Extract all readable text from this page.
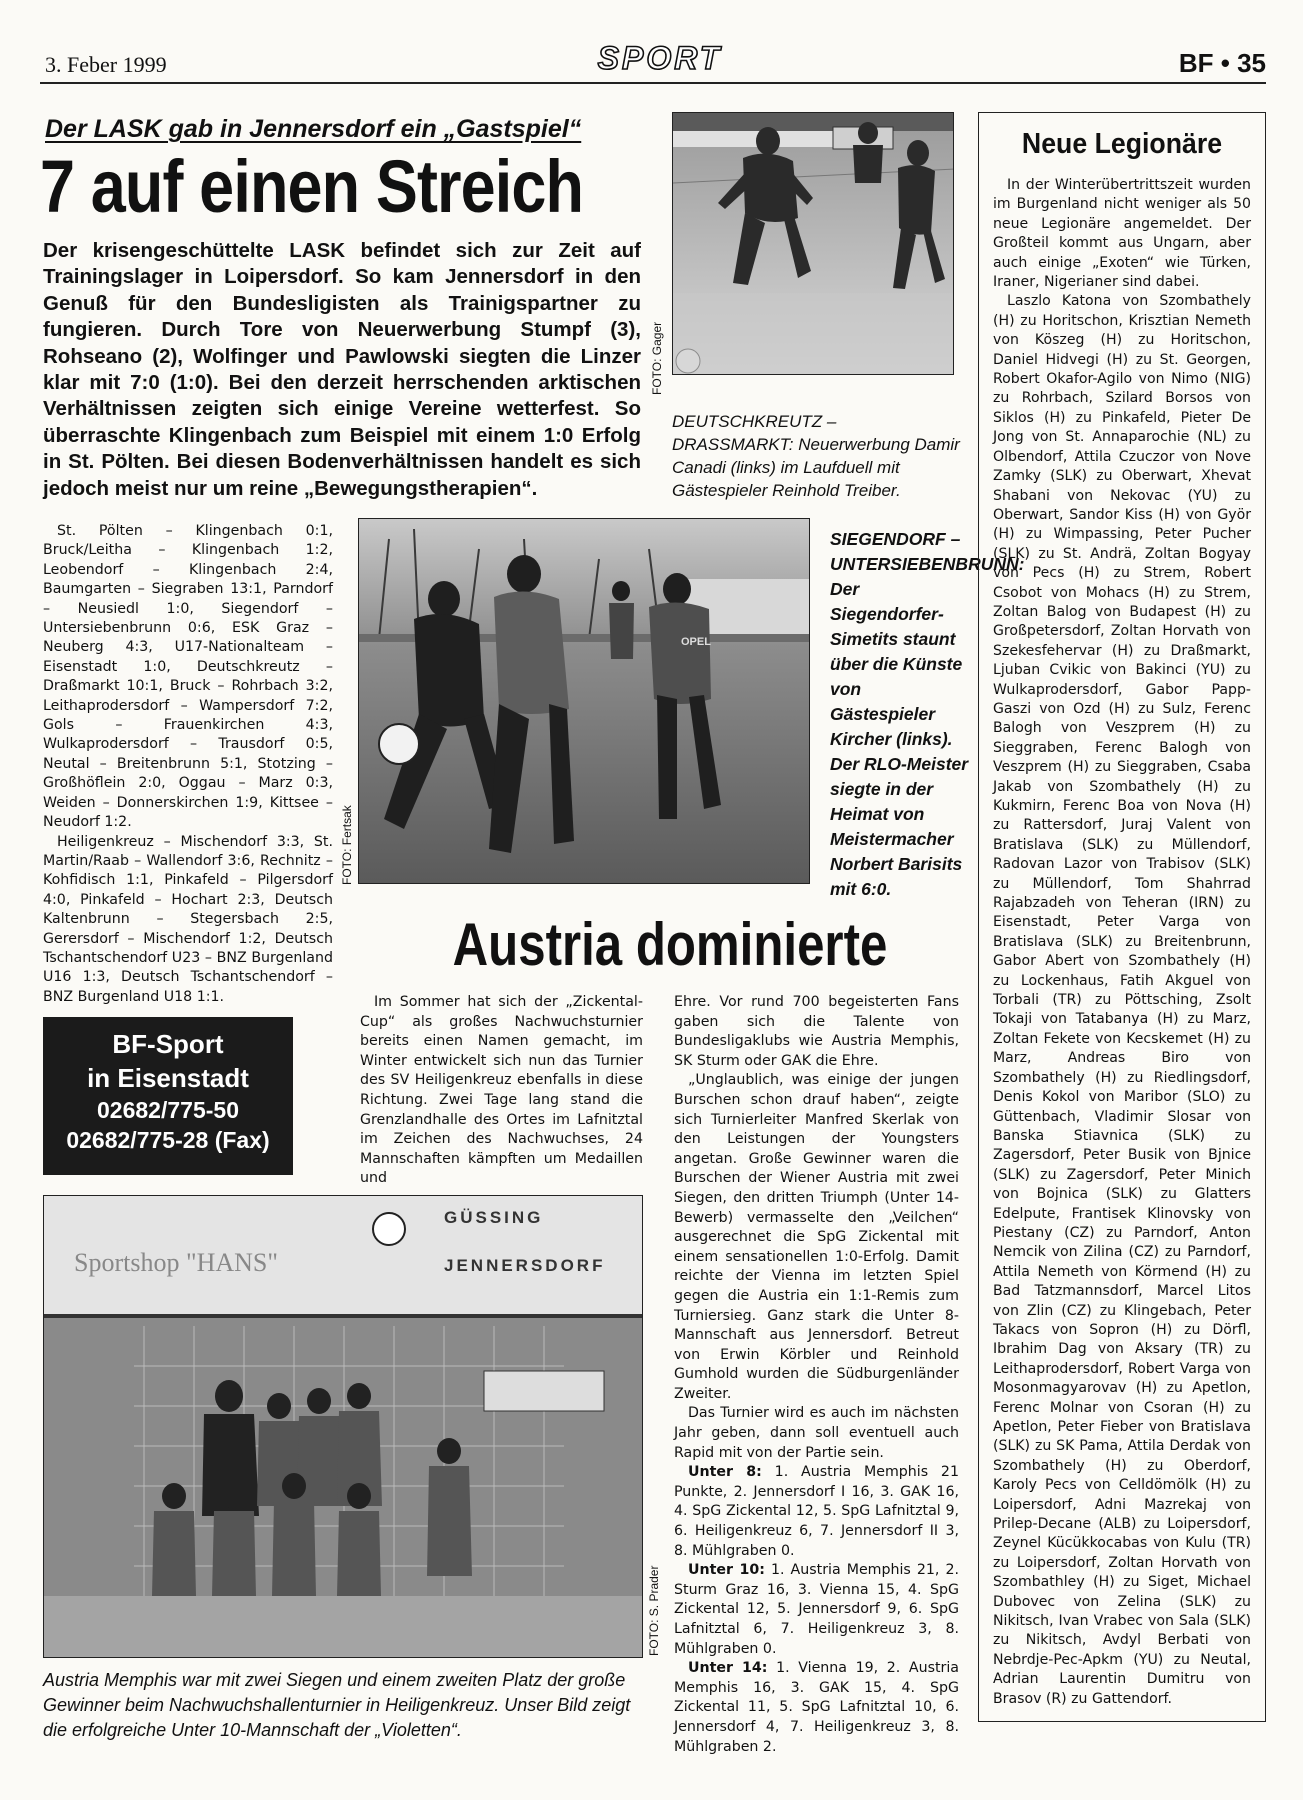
3. Feber 1999	SPORT	BF • 35
Der LASK gab in Jennersdorf ein „Gastspiel“
7 auf einen Streich
Der krisengeschüttelte LASK befindet sich zur Zeit auf Trainingslager in Loipersdorf. So kam Jennersdorf in den Genuß für den Bundesligisten als Trainigspartner zu fungieren. Durch Tore von Neuerwerbung Stumpf (3), Rohseano (2), Wolfinger und Pawlowski siegten die Linzer klar mit 7:0 (1:0). Bei den derzeit herrschenden arktischen Verhältnissen zeigten sich einige Vereine wetterfest. So überraschte Klingenbach zum Beispiel mit einem 1:0 Erfolg in St. Pölten. Bei diesen Bodenverhältnissen handelt es sich jedoch meist nur um reine „Bewegungstherapien“.

St. Pölten – Klingenbach 0:1, Bruck/Leitha – Klingenbach 1:2, Leobendorf – Klingenbach 2:4, Baumgarten – Siegraben 13:1, Parndorf – Neusiedl 1:0, Siegendorf – Untersiebenbrunn 0:6, ESK Graz – Neuberg 4:3, U17-Nationalteam – Eisenstadt 1:0, Deutschkreutz – Draßmarkt 10:1, Bruck – Rohrbach 3:2, Leithaprodersdorf – Wampersdorf 7:2, Gols – Frauenkirchen 4:3, Wulkaprodersdorf – Trausdorf 0:5, Neutal – Breitenbrunn 5:1, Stotzing – Großhöflein 2:0, Oggau – Marz 0:3, Weiden – Donnerskirchen 1:9, Kittsee – Neudorf 1:2.

Heiligenkreuz – Mischendorf 3:3, St. Martin/Raab – Wallendorf 3:6, Rechnitz – Kohfidisch 1:1, Pinkafeld – Pilgersdorf 4:0, Pinkafeld – Hochart 2:3, Deutsch Kaltenbrunn – Stegersbach 2:5, Gerersdorf – Mischendorf 1:2, Deutsch Tschantschendorf U23 – BNZ Burgenland U16 1:3, Deutsch Tschantschendorf – BNZ Burgenland U18 1:1.

BF-Sport
in Eisenstadt
02682/775-50
02682/775-28 (Fax)
FOTO: Gager
DEUTSCHKREUTZ – DRASSMARKT: Neuerwerbung Damir Canadi (links) im Laufduell mit Gästespieler Reinhold Treiber.
OPEL
FOTO: Fertsak
SIEGENDORF – UNTERSIEBENBRUNN: Der Siegendorfer-Simetits staunt über die Künste von Gästespieler Kircher (links). Der RLO-Meister siegte in der Heimat von Meistermacher Norbert Barisits mit 6:0.
Austria dominierte

Im Sommer hat sich der „Zickental-Cup“ als großes Nachwuchsturnier bereits einen Namen gemacht, im Winter entwickelt sich nun das Turnier des SV Heiligenkreuz ebenfalls in diese Richtung. Zwei Tage lang stand die Grenzlandhalle des Ortes im Lafnitztal im Zeichen des Nachwuchses, 24 Mannschaften kämpften um Medaillen und

Ehre. Vor rund 700 begeisterten Fans gaben sich die Talente von Bundesligaklubs wie Austria Memphis, SK Sturm oder GAK die Ehre.

„Unglaublich, was einige der jungen Burschen schon drauf haben“, zeigte sich Turnierleiter Manfred Skerlak von den Leistungen der Youngsters angetan. Große Gewinner waren die Burschen der Wiener Austria mit zwei Siegen, den dritten Triumph (Unter 14-Bewerb) vermasselte den „Veilchen“ ausgerechnet die SpG Zickental mit einem sensationellen 1:0-Erfolg. Damit reichte der Vienna im letzten Spiel gegen die Austria ein 1:1-Remis zum Turniersieg. Ganz stark die Unter 8-Mannschaft aus Jennersdorf. Betreut von Erwin Körbler und Reinhold Gumhold wurden die Südburgenländer Zweiter.

Das Turnier wird es auch im nächsten Jahr geben, dann soll eventuell auch Rapid mit von der Partie sein.

Unter 8: 1. Austria Memphis 21 Punkte, 2. Jennersdorf I 16, 3. GAK 16, 4. SpG Zickental 12, 5. SpG Lafnitztal 9, 6. Heiligenkreuz 6, 7. Jennersdorf II 3, 8. Mühlgraben 0.

Unter 10: 1. Austria Memphis 21, 2. Sturm Graz 16, 3. Vienna 15, 4. SpG Zickental 12, 5. Jennersdorf 9, 6. SpG Lafnitztal 6, 7. Heiligenkreuz 3, 8. Mühlgraben 0.

Unter 14: 1. Vienna 19, 2. Austria Memphis 16, 3. GAK 15, 4. SpG Zickental 11, 5. SpG Lafnitztal 10, 6. Jennersdorf 4, 7. Heiligenkreuz 3, 8. Mühlgraben 2.

Sportshop "HANS"
GÜSSING
JENNERSDORF
FOTO: S. Prader
Austria Memphis war mit zwei Siegen und einem zweiten Platz der große Gewinner beim Nachwuchshallenturnier in Heiligenkreuz. Unser Bild zeigt die erfolgreiche Unter 10-Mannschaft der „Violetten“.
Neue Legionäre

In der Winterübertrittszeit wurden im Burgenland nicht weniger als 50 neue Legionäre angemeldet. Der Großteil kommt aus Ungarn, aber auch einige „Exoten“ wie Türken, Iraner, Nigerianer sind dabei.

Laszlo Katona von Szombathely (H) zu Horitschon, Krisztian Nemeth von Köszeg (H) zu Horitschon, Daniel Hidvegi (H) zu St. Georgen, Robert Okafor-Agilo von Nimo (NIG) zu Rohrbach, Szilard Borsos von Siklos (H) zu Pinkafeld, Pieter De Jong von St. Annaparochie (NL) zu Olbendorf, Attila Czuczor von Nove Zamky (SLK) zu Oberwart, Xhevat Shabani von Nekovac (YU) zu Oberwart, Sandor Kiss (H) von Györ (H) zu Wimpassing, Peter Pucher (SLK) zu St. Andrä, Zoltan Bogyay von Pecs (H) zu Strem, Robert Csobot von Mohacs (H) zu Strem, Zoltan Balog von Budapest (H) zu Großpetersdorf, Zoltan Horvath von Szekesfehervar (H) zu Draßmarkt, Ljuban Cvikic von Bakinci (YU) zu Wulkaprodersdorf, Gabor Papp-Gaszi von Ozd (H) zu Sulz, Ferenc Balogh von Veszprem (H) zu Sieggraben, Ferenc Balogh von Veszprem (H) zu Sieggraben, Csaba Jakab von Szombathely (H) zu Kukmirn, Ferenc Boa von Nova (H) zu Rattersdorf, Juraj Valent von Bratislava (SLK) zu Müllendorf, Radovan Lazor von Trabisov (SLK) zu Müllendorf, Tom Shahrrad Rajabzadeh von Teheran (IRN) zu Eisenstadt, Peter Varga von Bratislava (SLK) zu Breitenbrunn, Gabor Abert von Szombathely (H) zu Lockenhaus, Fatih Akguel von Torbali (TR) zu Pöttsching, Zsolt Tokaji von Tatabanya (H) zu Marz, Zoltan Fekete von Kecskemet (H) zu Marz, Andreas Biro von Szombathely (H) zu Riedlingsdorf, Denis Kokol von Maribor (SLO) zu Güttenbach, Vladimir Slosar von Banska Stiavnica (SLK) zu Zagersdorf, Peter Busik von Bjnice (SLK) zu Zagersdorf, Peter Minich von Bojnica (SLK) zu Glatters Edelpute, Frantisek Klinovsky von Piestany (CZ) zu Parndorf, Anton Nemcik von Zilina (CZ) zu Parndorf, Attila Nemeth von Körmend (H) zu Bad Tatzmannsdorf, Marcel Litos von Zlin (CZ) zu Klingebach, Peter Takacs von Sopron (H) zu Dörfl, Ibrahim Dag von Aksary (TR) zu Leithaprodersdorf, Robert Varga von Mosonmagyarovav (H) zu Apetlon, Ferenc Molnar von Csoran (H) zu Apetlon, Peter Fieber von Bratislava (SLK) zu SK Pama, Attila Derdak von Szombathely (H) zu Oberdorf, Karoly Pecs von Celldömölk (H) zu Loipersdorf, Adni Mazrekaj von Prilep-Decane (ALB) zu Loipersdorf, Zeynel Kücükkocabas von Kulu (TR) zu Loipersdorf, Zoltan Horvath von Szombathley (H) zu Siget, Michael Dubovec von Zelina (SLK) zu Nikitsch, Ivan Vrabec von Sala (SLK) zu Nikitsch, Avdyl Berbati von Nebrdje-Pec-Apkm (YU) zu Neutal, Adrian Laurentin Dumitru von Brasov (R) zu Gattendorf.
